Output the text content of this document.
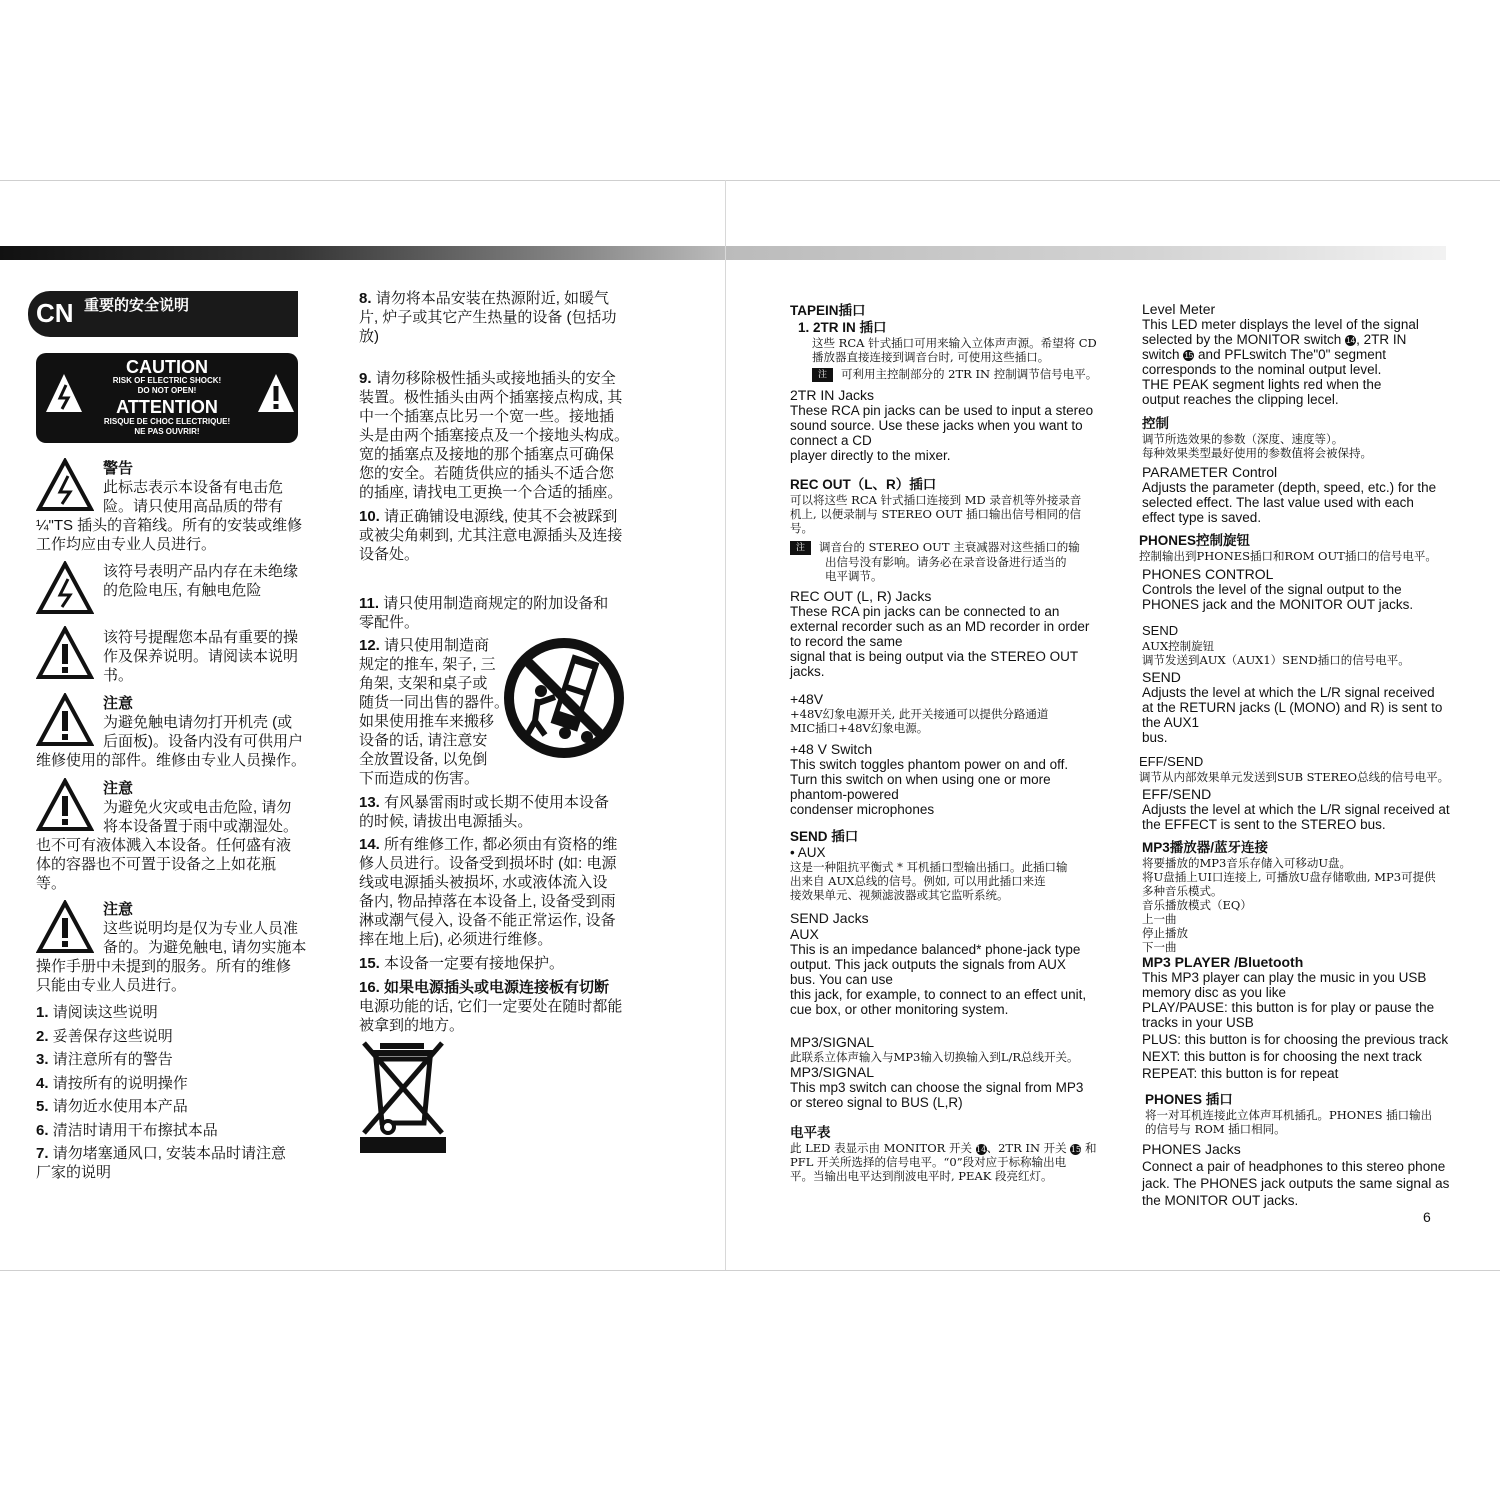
CN 重要的安全说明
CAUTION
RISK OF ELECTRIC SHOCK!
DO NOT OPEN!
ATTENTION
RISQUE DE CHOC ELECTRIQUE!
NE PAS OUVRIR!
警告
此标志表示本设备有电击危
险。请只使用高品质的带有
¼"TS 插头的音箱线。所有的安装或维修
工作均应由专业人员进行。
该符号表明产品内存在未绝缘
的危险电压, 有触电危险
该符号提醒您本品有重要的操
作及保养说明。请阅读本说明
书。
注意
为避免触电请勿打开机壳 (或
后面板)。设备内没有可供用户
维修使用的部件。维修由专业人员操作。
注意
为避免火灾或电击危险, 请勿
将本设备置于雨中或潮湿处。
也不可有液体溅入本设备。任何盛有液
体的容器也不可置于设备之上如花瓶
等。
注意
这些说明均是仅为专业人员准
备的。为避免触电, 请勿实施本
操作手册中未提到的服务。所有的维修
只能由专业人员进行。
1. 请阅读这些说明
2. 妥善保存这些说明
3. 请注意所有的警告
4. 请按所有的说明操作
5. 请勿近水使用本产品
6. 清洁时请用干布擦拭本品
7. 请勿堵塞通风口, 安装本品时请注意
厂家的说明
8. 请勿将本品安装在热源附近, 如暖气
片, 炉子或其它产生热量的设备 (包括功
放)
9. 请勿移除极性插头或接地插头的安全
装置。极性插头由两个插塞接点构成, 其
中一个插塞点比另一个宽一些。接地插
头是由两个插塞接点及一个接地头构成。
宽的插塞点及接地的那个插塞点可确保
您的安全。若随货供应的插头不适合您
的插座, 请找电工更换一个合适的插座。
10. 请正确铺设电源线, 使其不会被踩到
或被尖角刺到, 尤其注意电源插头及连接
设备处。
11. 请只使用制造商规定的附加设备和
零配件。
12. 请只使用制造商
规定的推车, 架子, 三
角架, 支架和桌子或
随货一同出售的器件。
如果使用推车来搬移
设备的话, 请注意安
全放置设备, 以免倒
下而造成的伤害。
13. 有风暴雷雨时或长期不使用本设备
的时候, 请拔出电源插头。
14. 所有维修工作, 都必须由有资格的维
修人员进行。设备受到损坏时 (如: 电源
线或电源插头被损坏, 水或液体流入设
备内, 物品掉落在本设备上, 设备受到雨
淋或潮气侵入, 设备不能正常运作, 设备
摔在地上后), 必须进行维修。
15. 本设备一定要有接地保护。
16. 如果电源插头或电源连接板有切断
电源功能的话, 它们一定要处在随时都能
被拿到的地方。
TAPEIN插口
1. 2TR IN 插口
这些 RCA 针式插口可用来输入立体声声源。希望将 CD
播放器直接连接到调音台时, 可使用这些插口。
注 可利用主控制部分的 2TR IN 控制调节信号电平。
2TR IN Jacks
These RCA pin jacks can be used to input a stereo
sound source. Use these jacks when you want to
connect a CD
player directly to the mixer.
REC OUT（L、R）插口
可以将这些 RCA 针式插口连接到 MD 录音机等外接录音
机上, 以便录制与 STEREO OUT 插口输出信号相同的信
号。
注 调音台的 STEREO OUT 主衰减器对这些插口的输
出信号没有影响。请务必在录音设备进行适当的
电平调节。
REC OUT (L, R) Jacks
These RCA pin jacks can be connected to an
external recorder such as an MD recorder in order
to record the same
signal that is being output via the STEREO OUT
jacks.
+48V
+48V幻象电源开关, 此开关接通可以提供分路通道
MIC插口+48V幻象电源。
+48 V Switch
This switch toggles phantom power on and off.
Turn this switch on when using one or more
phantom-powered
condenser microphones
SEND 插口
• AUX
这是一种阻抗平衡式 * 耳机插口型输出插口。此插口输
出来自 AUX总线的信号。例如, 可以用此插口来连
接效果单元、视频滤波器或其它监听系统。
SEND Jacks
AUX
This is an impedance balanced* phone-jack type
output. This jack outputs the signals from AUX
bus. You can use
this jack, for example, to connect to an effect unit,
cue box, or other monitoring system.
MP3/SIGNAL
此联系立体声输入与MP3输入切换输入到L/R总线开关。
MP3/SIGNAL
This mp3 switch can choose the signal from MP3
or stereo signal to BUS (L,R)
电平表
此 LED 表显示由 MONITOR 开关 14、2TR IN 开关 15 和
PFL 开关所选择的信号电平。“0”段对应于标称输出电
平。当输出电平达到削波电平时, PEAK 段亮红灯。
Level Meter
This LED meter displays the level of the signal
selected by the MONITOR switch 14, 2TR IN
switch 15 and PFLswitch The"0" segment
corresponds to the nominal output level.
THE PEAK segment lights red when the
output reaches the clipping lecel.
控制
调节所选效果的参数（深度、速度等）。
每种效果类型最好使用的参数值将会被保持。
PARAMETER Control
Adjusts the parameter (depth, speed, etc.) for the
selected effect. The last value used with each
effect type is saved.
PHONES控制旋钮
控制输出到PHONES插口和ROM OUT插口的信号电平。
PHONES CONTROL
Controls the level of the signal output to the
PHONES jack and the MONITOR OUT jacks.
SEND
AUX控制旋钮
调节发送到AUX（AUX1）SEND插口的信号电平。
SEND
Adjusts the level at which the L/R signal received
at the RETURN jacks (L (MONO) and R) is sent to
the AUX1
bus.
EFF/SEND
调节从内部效果单元发送到SUB STEREO总线的信号电平。
EFF/SEND
Adjusts the level at which the L/R signal received at
the EFFECT is sent to the STEREO bus.
MP3播放器/蓝牙连接
将要播放的MP3音乐存储入可移动U盘。
将U盘插上UI口连接上, 可播放U盘存储歌曲, MP3可提供
多种音乐模式。
音乐播放模式（EQ）
上一曲
停止播放
下一曲
MP3 PLAYER /Bluetooth
This MP3 player can play the music in you USB
memory disc as you like
PLAY/PAUSE: this button is for play or pause the
tracks in your USB
PLUS: this button is for choosing the previous track
NEXT: this button is for choosing the next track
REPEAT: this button is for repeat
PHONES 插口
将一对耳机连接此立体声耳机插孔。PHONES 插口输出
的信号与 ROM 插口相同。
PHONES Jacks
Connect a pair of headphones to this stereo phone
jack. The PHONES jack outputs the same signal as
the MONITOR OUT jacks.
6
